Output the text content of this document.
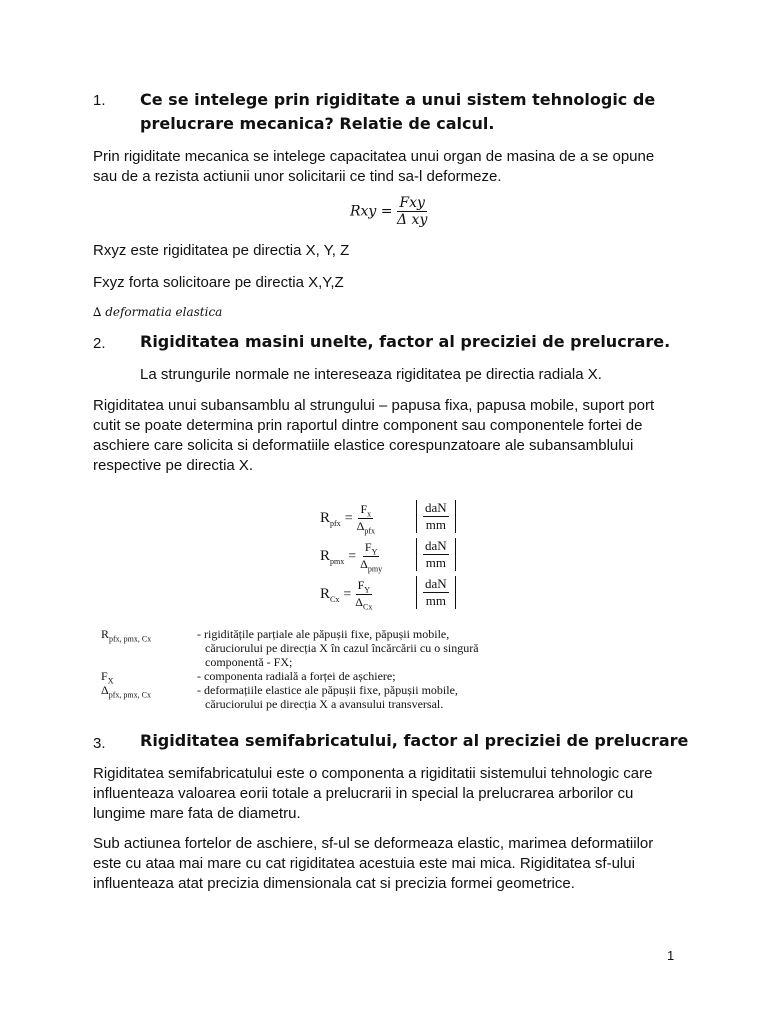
1. Ce se intelege prin rigiditate a unui sistem tehnologic de
prelucrare mecanica? Relatie de calcul.
Prin rigiditate mecanica se intelege capacitatea unui organ de masina de a se opune
sau de a rezista actiunii unor solicitarii ce tind sa-l deformeze.
Rxy = $\frac{\text{Fxy}}{\text{Δ xy}}$
Rxyz este rigiditatea pe directia X, Y, Z
Fxyz forta solicitoare pe directia X,Y,Z
∆ deformatia elastica
2. Rigiditatea masini unelte, factor al preciziei de prelucrare.
La strungurile normale ne intereseaza rigiditatea pe directia radiala X.
Rigiditatea unui subansamblu al strungului – papusa fixa, papusa mobile, suport port
cutit se poate determina prin raportul dintre component sau componentele fortei de
aschiere care solicita si deformatiile elastice corespunzatoare ale subansamblului
respective pe directia X.
$R_{pfx} = \frac{F_x}{\Delta_{pfx}}$
$R_{pmx} = \frac{F_Y}{\Delta_{pmy}}$
$R_{Cx} = \frac{F_Y}{\Delta_{Cx}}$
daN
mm
daN
mm
daN
mm
$R_{pfx, pmx, Cx}$	- rigiditățile parțiale ale păpușii fixe, păpușii mobile,
căruciorului pe direcția X în cazul încărcării cu o singură
componentă - FX;
$F_X$	- componenta radială a forței de așchiere;
$\Delta_{pfx, pmx, Cx}$	- deformațiile elastice ale păpușii fixe, păpușii mobile,
căruciorului pe direcția X a avansului transversal.
3. Rigiditatea semifabricatului, factor al preciziei de prelucrare
Rigiditatea semifabricatului este o componenta a rigiditatii sistemului tehnologic care
influenteaza valoarea eorii totale a prelucrarii in special la prelucrarea arborilor cu
lungime mare fata de diametru.
Sub actiunea fortelor de aschiere, sf-ul se deformeaza elastic, marimea deformatiilor
este cu ataa mai mare cu cat rigiditatea acestuia este mai mica. Rigiditatea sf-ului
influenteaza atat precizia dimensionala cat si precizia formei geometrice.
1
